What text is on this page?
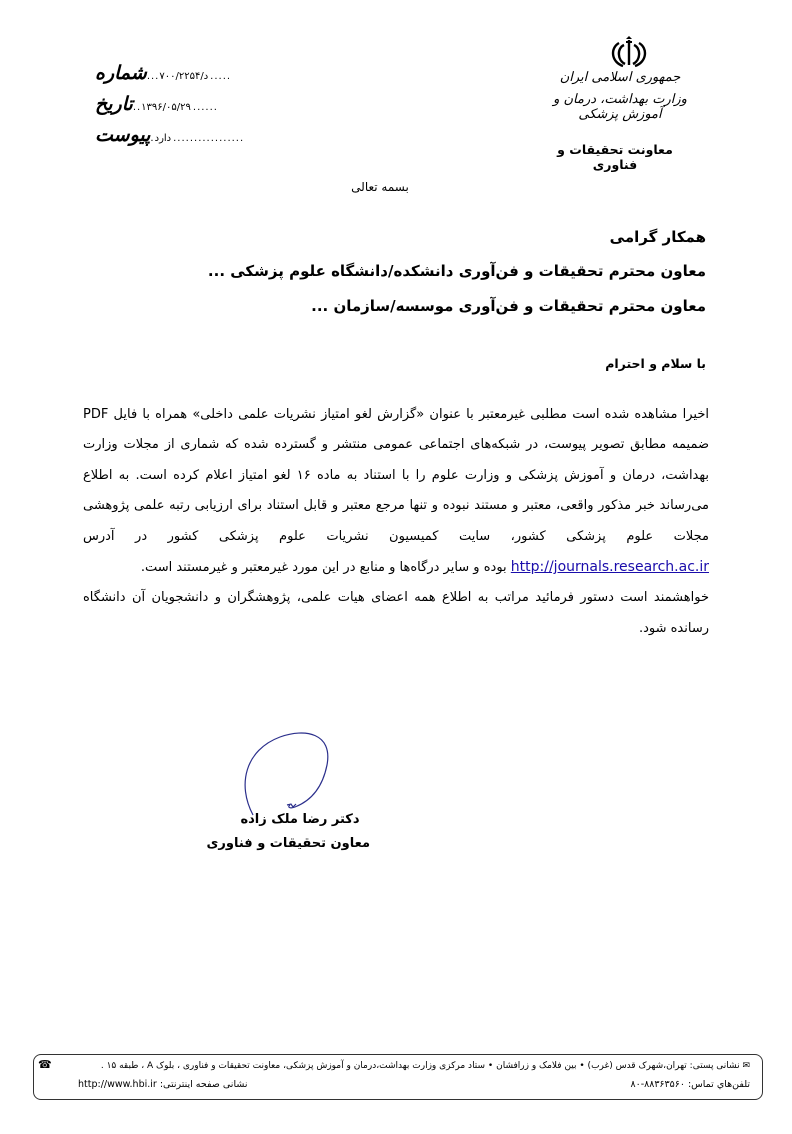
شماره ... ۷۰۰/د/۲۲۵۴ .....
تاریخ .. ۱۳۹۶/۰۵/۲۹ ......
پیوست . دارد .................
جمهوری اسلامی ایران
وزارت بهداشت، درمان و آموزش پزشکی
معاونت تحقیقات و فناوری
بسمه تعالی
همکار گرامی
معاون محترم تحقیقات و فن‌آوری دانشکده/دانشگاه علوم پزشکی ...
معاون محترم تحقیقات و فن‌آوری موسسه/سازمان ...
با سلام و احترام

اخیرا مشاهده شده است مطلبی غیرمعتبر با عنوان «گزارش لغو امتیاز نشریات علمی داخلی» همراه با فایل PDF ضمیمه مطابق تصویر پیوست، در شبکه‌های اجتماعی عمومی منتشر و گسترده شده که شماری از مجلات وزارت بهداشت، درمان و آموزش پزشکی و وزارت علوم را با استناد به ماده ۱۶ لغو امتیاز اعلام کرده است. به اطلاع می‌رساند خبر مذکور واقعی، معتبر و مستند نبوده و تنها مرجع معتبر و قابل استناد برای ارزیابی رتبه علمی پژوهشی مجلات علوم پزشکی کشور، سایت کمیسیون نشریات علوم پزشکی کشور در آدرس http://journals.research.ac.ir بوده و سایر درگاه‌ها و منابع در این مورد غیرمعتبر و غیرمستند است.

خواهشمند است دستور فرمائید مراتب به اطلاع همه اعضای هیات علمی، پژوهشگران و دانشجویان آن دانشگاه رسانده شود.

دکتر رضا ملک زاده
معاون تحقیقات و فناوری
✉ نشانی پستی: تهران،شهرک قدس (غرب) • بین فلامک و زرافشان • ستاد مرکزی وزارت بهداشت،درمان و آموزش پزشکی، معاونت تحقیقات و فناوری ، بلوک A ، طبقه ۱۵ .
☎
تلفن‌هاي تماس: ۸۸۳۶۳۵۶۰-۸۰
نشانی صفحه اینترنتی: http://www.hbi.ir
